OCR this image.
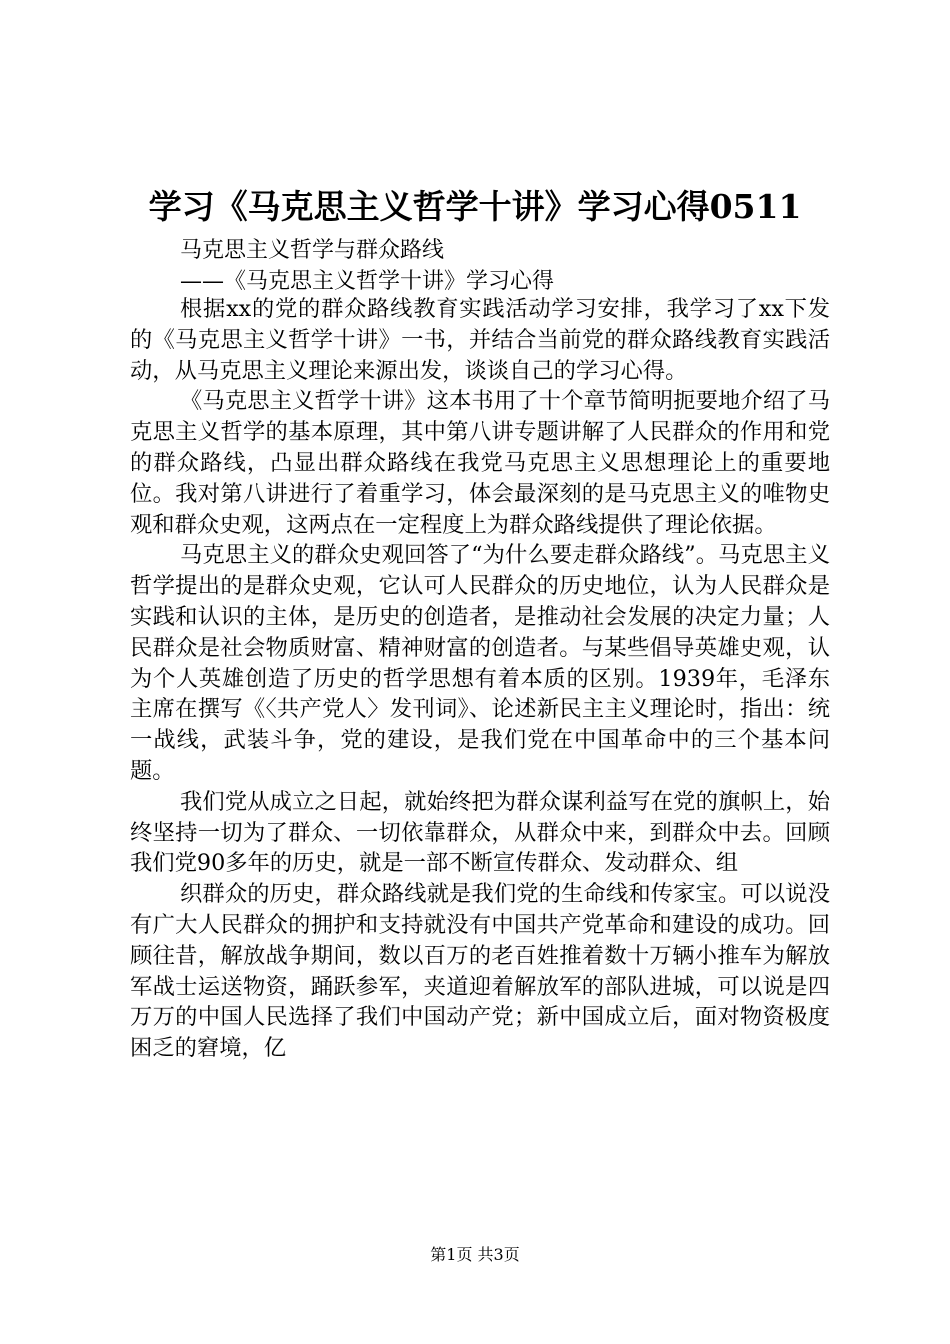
学习《马克思主义哲学十讲》学习心得0511
马克思主义哲学与群众路线
——《马克思主义哲学十讲》学习心得

根据xx的党的群众路线教育实践活动学习安排，我学习了xx下发的《马克思主义哲学十讲》一书，并结合当前党的群众路线教育实践活动，从马克思主义理论来源出发，谈谈自己的学习心得。

《马克思主义哲学十讲》这本书用了十个章节简明扼要地介绍了马克思主义哲学的基本原理，其中第八讲专题讲解了人民群众的作用和党的群众路线，凸显出群众路线在我党马克思主义思想理论上的重要地位。我对第八讲进行了着重学习，体会最深刻的是马克思主义的唯物史观和群众史观，这两点在一定程度上为群众路线提供了理论依据。

马克思主义的群众史观回答了“为什么要走群众路线”。马克思主义哲学提出的是群众史观，它认可人民群众的历史地位，认为人民群众是实践和认识的主体，是历史的创造者，是推动社会发展的决定力量；人民群众是社会物质财富、精神财富的创造者。与某些倡导英雄史观，认为个人英雄创造了历史的哲学思想有着本质的区别。1939年，毛泽东主席在撰写《〈共产党人〉发刊词》、论述新民主主义理论时，指出：统一战线，武装斗争，党的建设，是我们党在中国革命中的三个基本问题。

我们党从成立之日起，就始终把为群众谋利益写在党的旗帜上，始终坚持一切为了群众、一切依靠群众，从群众中来，到群众中去。回顾我们党90多年的历史，就是一部不断宣传群众、发动群众、组

织群众的历史，群众路线就是我们党的生命线和传家宝。可以说没有广大人民群众的拥护和支持就没有中国共产党革命和建设的成功。回顾往昔，解放战争期间，数以百万的老百姓推着数十万辆小推车为解放军战士运送物资，踊跃参军，夹道迎着解放军的部队进城，可以说是四万万的中国人民选择了我们中国动产党；新中国成立后，面对物资极度困乏的窘境，亿

第1页 共3页
